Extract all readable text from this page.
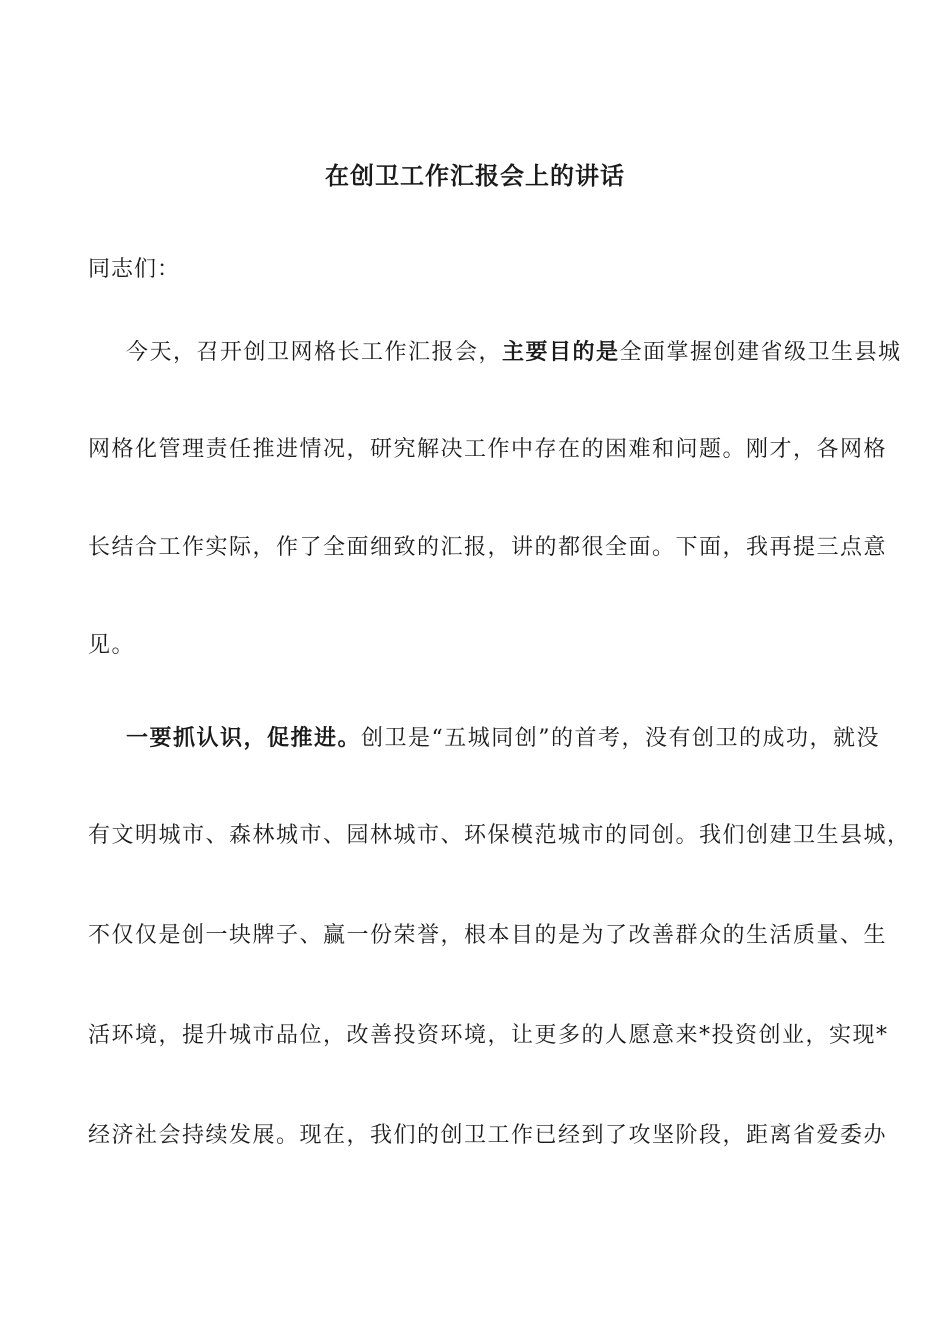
在创卫工作汇报会上的讲话
同志们：
今天，召开创卫网格长工作汇报会，主要目的是全面掌握创建省级卫生县城
网格化管理责任推进情况，研究解决工作中存在的困难和问题。刚才，各网格
长结合工作实际，作了全面细致的汇报，讲的都很全面。下面，我再提三点意
见。
一要抓认识，促推进。创卫是“五城同创”的首考，没有创卫的成功，就没
有文明城市、森林城市、园林城市、环保模范城市的同创。我们创建卫生县城，
不仅仅是创一块牌子、赢一份荣誉，根本目的是为了改善群众的生活质量、生
活环境，提升城市品位，改善投资环境，让更多的人愿意来*投资创业，实现*
经济社会持续发展。现在，我们的创卫工作已经到了攻坚阶段，距离省爱委办
